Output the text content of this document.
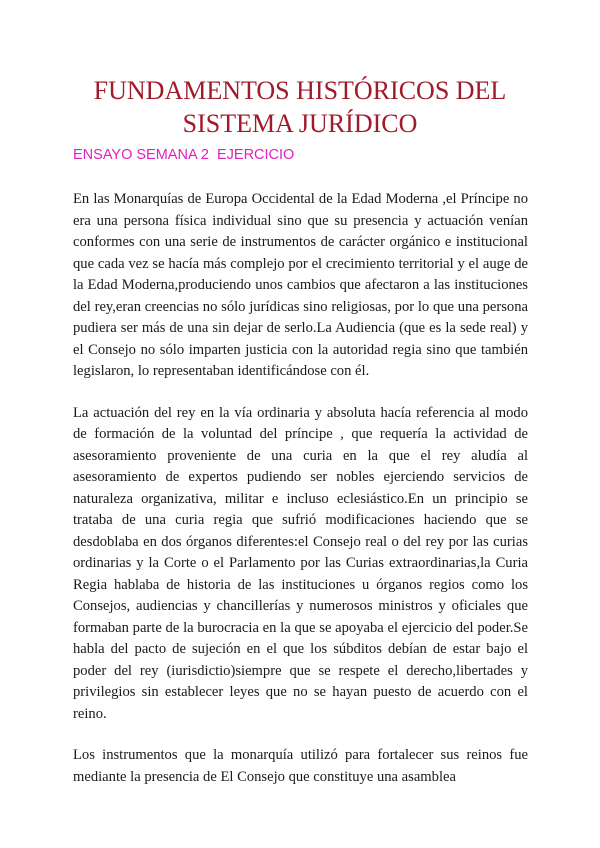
FUNDAMENTOS HISTÓRICOS DEL
SISTEMA JURÍDICO
ENSAYO SEMANA 2  EJERCICIO

En las Monarquías de Europa Occidental de la Edad Moderna ,el Príncipe no era una persona física individual sino que su presencia y actuación venían conformes con una serie de instrumentos de carácter orgánico e institucional que cada vez se hacía más complejo por el crecimiento territorial y el auge de la Edad Moderna,produciendo unos cambios que afectaron a las instituciones del rey,eran creencias no sólo jurídicas sino religiosas, por lo que una persona pudiera ser más de una sin dejar de serlo.La Audiencia (que es la sede real) y el Consejo no sólo imparten justicia con la autoridad regia sino que también legislaron, lo representaban identificándose con él.

La actuación del rey en la vía ordinaria y absoluta hacía referencia al modo de formación de la voluntad del príncipe , que requería la actividad de asesoramiento proveniente de una curia en la que el rey aludía al asesoramiento de expertos pudiendo ser nobles ejerciendo servicios de naturaleza organizativa, militar e incluso eclesiástico.En un principio se trataba de una curia regia que sufrió modificaciones haciendo que se desdoblaba en dos órganos diferentes:el Consejo real o del rey por las curias ordinarias y la Corte o el Parlamento por las Curias extraordinarias,la Curia Regia hablaba de historia de las instituciones u órganos regios como los Consejos, audiencias y chancillerías y numerosos ministros y oficiales que formaban parte de la burocracia en la que se apoyaba el ejercicio del poder.Se habla del pacto de sujeción en el que los súbditos debían de estar bajo el poder del rey (iurisdictio)siempre que se respete el derecho,libertades y privilegios sin establecer leyes que no se hayan puesto de acuerdo con el reino.

Los instrumentos que la monarquía utilizó para fortalecer sus reinos fue mediante la presencia de El Consejo que constituye una asamblea
